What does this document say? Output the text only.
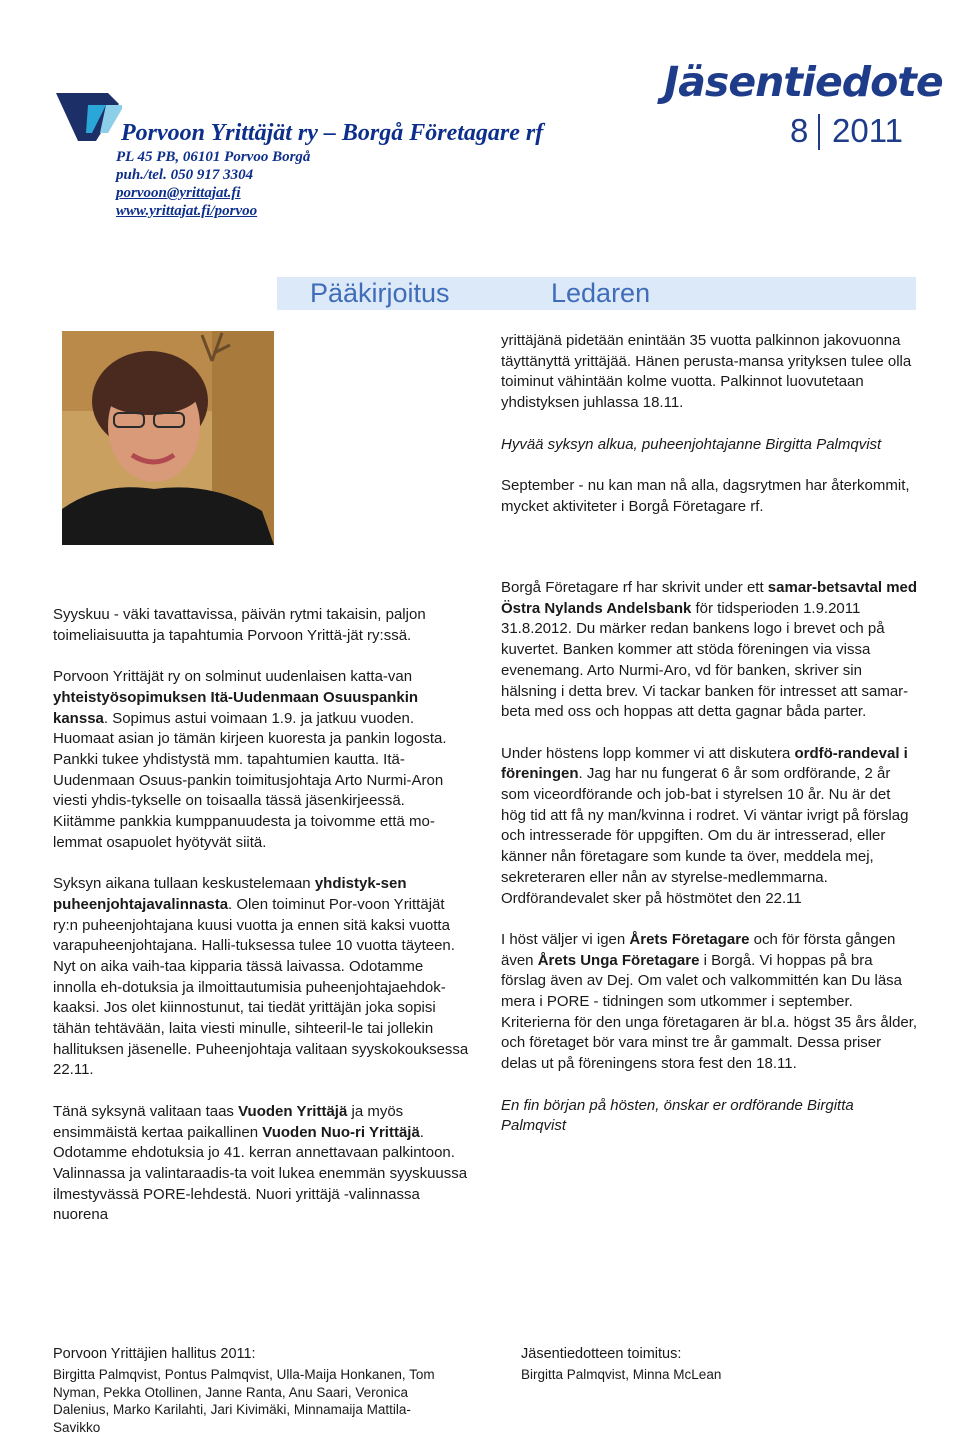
Porvoon Yrittäjät ry – Borgå Företagare rf
PL 45 PB, 06101 Porvoo Borgå
puh./tel. 050 917 3304
porvoon@yrittajat.fi
www.yrittajat.fi/porvoo
Jäsentiedote
8 2011
Pääkirjoitus	Ledaren

Syyskuu - väki tavattavissa, päivän rytmi takaisin, paljon toimeliaisuutta ja tapahtumia Porvoon Yrittä-jät ry:ssä.

Porvoon Yrittäjät ry on solminut uudenlaisen katta-van yhteistyösopimuksen Itä-Uudenmaan Osuuspankin kanssa. Sopimus astui voimaan 1.9. ja jatkuu vuoden. Huomaat asian jo tämän kirjeen kuoresta ja pankin logosta. Pankki tukee yhdistystä mm. tapahtumien kautta. Itä-Uudenmaan Osuus-pankin toimitusjohtaja Arto Nurmi-Aron viesti yhdis-tykselle on toisaalla tässä jäsenkirjeessä. Kiitämme pankkia kumppanuudesta ja toivomme että mo-lemmat osapuolet hyötyvät siitä.

Syksyn aikana tullaan keskustelemaan yhdistyk-sen puheenjohtajavalinnasta. Olen toiminut Por-voon Yrittäjät ry:n puheenjohtajana kuusi vuotta ja ennen sitä kaksi vuotta varapuheenjohtajana. Halli-tuksessa tulee 10 vuotta täyteen. Nyt on aika vaih-taa kipparia tässä laivassa. Odotamme innolla eh-dotuksia ja ilmoittautumisia puheenjohtajaehdok-kaaksi. Jos olet kiinnostunut, tai tiedät yrittäjän joka sopisi tähän tehtävään, laita viesti minulle, sihteeril-le tai jollekin hallituksen jäsenelle. Puheenjohtaja valitaan syyskokouksessa 22.11.

Tänä syksynä valitaan taas Vuoden Yrittäjä ja myös ensimmäistä kertaa paikallinen Vuoden Nuo-ri Yrittäjä. Odotamme ehdotuksia jo 41. kerran annettavaan palkintoon. Valinnassa ja valintaraadis-ta voit lukea enemmän syyskuussa ilmestyvässä PORE-lehdestä. Nuori yrittäjä -valinnassa nuorena

yrittäjänä pidetään enintään 35 vuotta palkinnon jakovuonna täyttänyttä yrittäjää. Hänen perusta-mansa yrityksen tulee olla toiminut vähintään kolme vuotta. Palkinnot luovutetaan yhdistyksen juhlassa 18.11.

Hyvää syksyn alkua, puheenjohtajanne Birgitta Palmqvist

September - nu kan man nå alla, dagsrytmen har återkommit, mycket aktiviteter i Borgå Företagare rf.

Borgå Företagare rf har skrivit under ett samar-betsavtal med Östra Nylands Andelsbank för tidsperioden 1.9.2011 31.8.2012. Du märker redan bankens logo i brevet och på kuvertet. Banken kommer att stöda föreningen via vissa evenemang. Arto Nurmi-Aro, vd för banken, skriver sin hälsning i detta brev. Vi tackar banken för intresset att samar-beta med oss och hoppas att detta gagnar båda parter.

Under höstens lopp kommer vi att diskutera ordfö-randeval i föreningen. Jag har nu fungerat 6 år som ordförande, 2 år som viceordförande och job-bat i styrelsen 10 år. Nu är det hög tid att få ny man/kvinna i rodret. Vi väntar ivrigt på förslag och intresserade för uppgiften. Om du är intresserad, eller känner nån företagare som kunde ta över, meddela mej, sekreteraren eller nån av styrelse-medlemmarna. Ordförandevalet sker på höstmötet den 22.11

I höst väljer vi igen Årets Företagare och för första gången även Årets Unga Företagare i Borgå. Vi hoppas på bra förslag även av Dej. Om valet och valkommittén kan Du läsa mera i PORE - tidningen som utkommer i september. Kriterierna för den unga företagaren är bl.a. högst 35 års ålder, och företaget bör vara minst tre år gammalt. Dessa priser delas ut på föreningens stora fest den 18.11.

En fin början på hösten, önskar er ordförande Birgitta Palmqvist

Porvoon Yrittäjien hallitus 2011:
Birgitta Palmqvist, Pontus Palmqvist, Ulla-Maija Honkanen, Tom Nyman, Pekka Otollinen, Janne Ranta, Anu Saari, Veronica Dalenius, Marko Karilahti, Jari Kivimäki, Minnamaija Mattila-Savikko
Jäsentiedotteen toimitus:
Birgitta Palmqvist, Minna McLean
